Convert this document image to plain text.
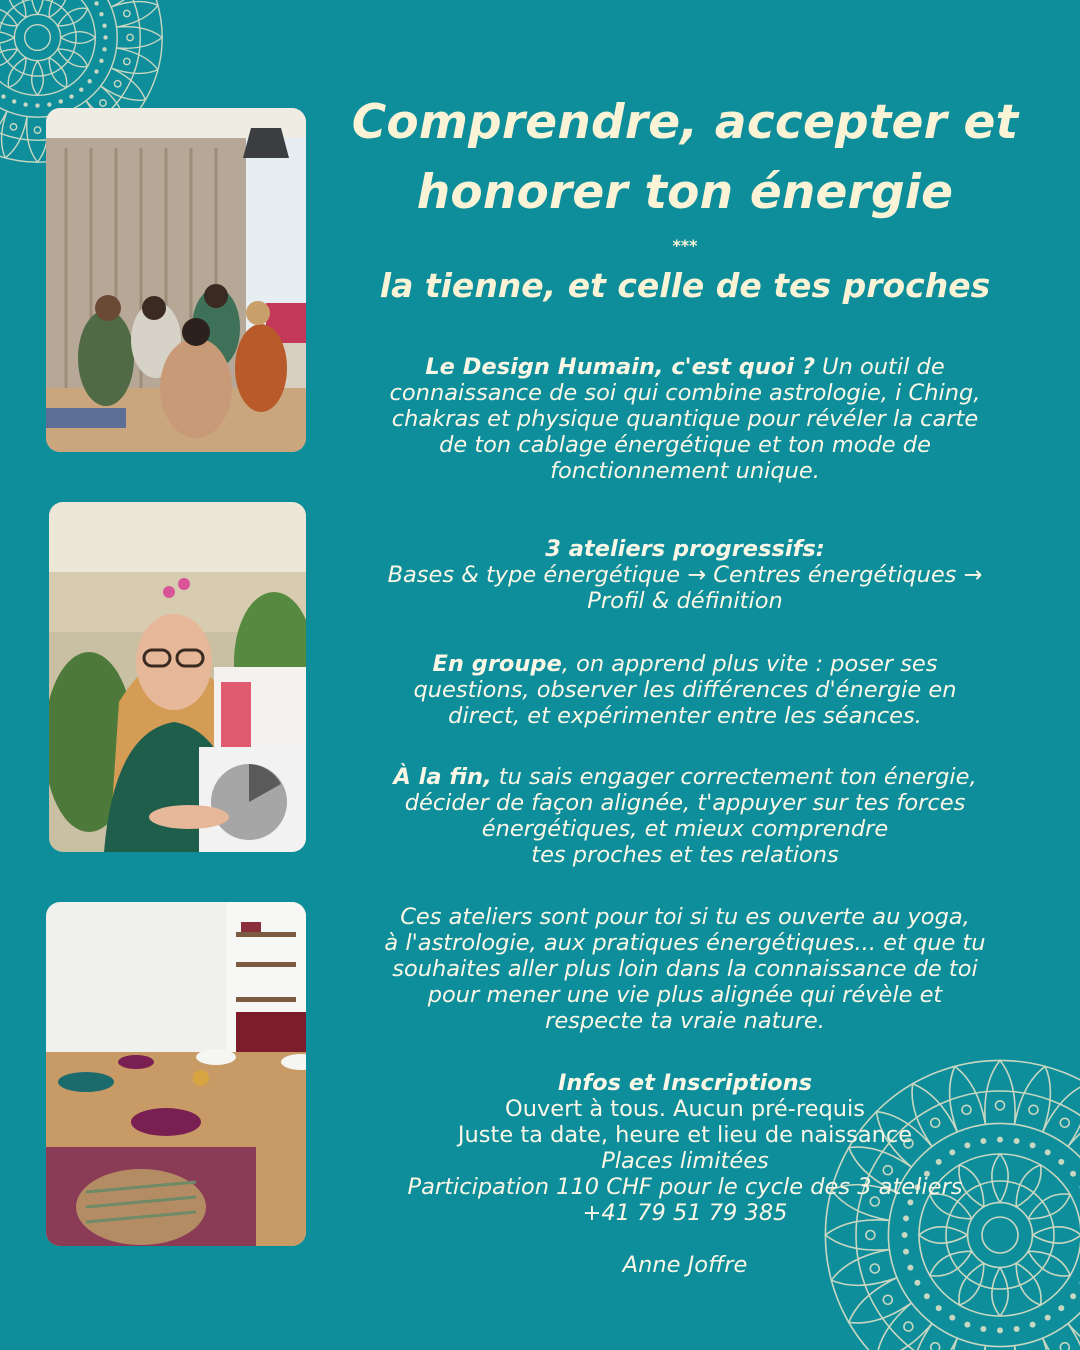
Comprendre, accepter et
honorer ton énergie
***
la tienne, et celle de tes proches
Le Design Humain, c'est quoi ? Un outil de
connaissance de soi qui combine astrologie, i Ching,
chakras et physique quantique pour révéler la carte
de ton cablage énergétique et ton mode de
fonctionnement unique.
3 ateliers progressifs:
Bases & type énergétique → Centres énergétiques →
Profil & définition
En groupe, on apprend plus vite : poser ses
questions, observer les différences d'énergie en
direct, et expérimenter entre les séances.
À la fin, tu sais engager correctement ton énergie,
décider de façon alignée, t'appuyer sur tes forces
énergétiques, et mieux comprendre
tes proches et tes relations
Ces ateliers sont pour toi si tu es ouverte au yoga,
à l'astrologie, aux pratiques énergétiques... et que tu
souhaites aller plus loin dans la connaissance de toi
pour mener une vie plus alignée qui révèle et
respecte ta vraie nature.
Infos et Inscriptions
Ouvert à tous. Aucun pré-requis
Juste ta date, heure et lieu de naissance
Places limitées
Participation 110 CHF pour le cycle des 3 ateliers
+41 79 51 79 385
Anne Joffre
